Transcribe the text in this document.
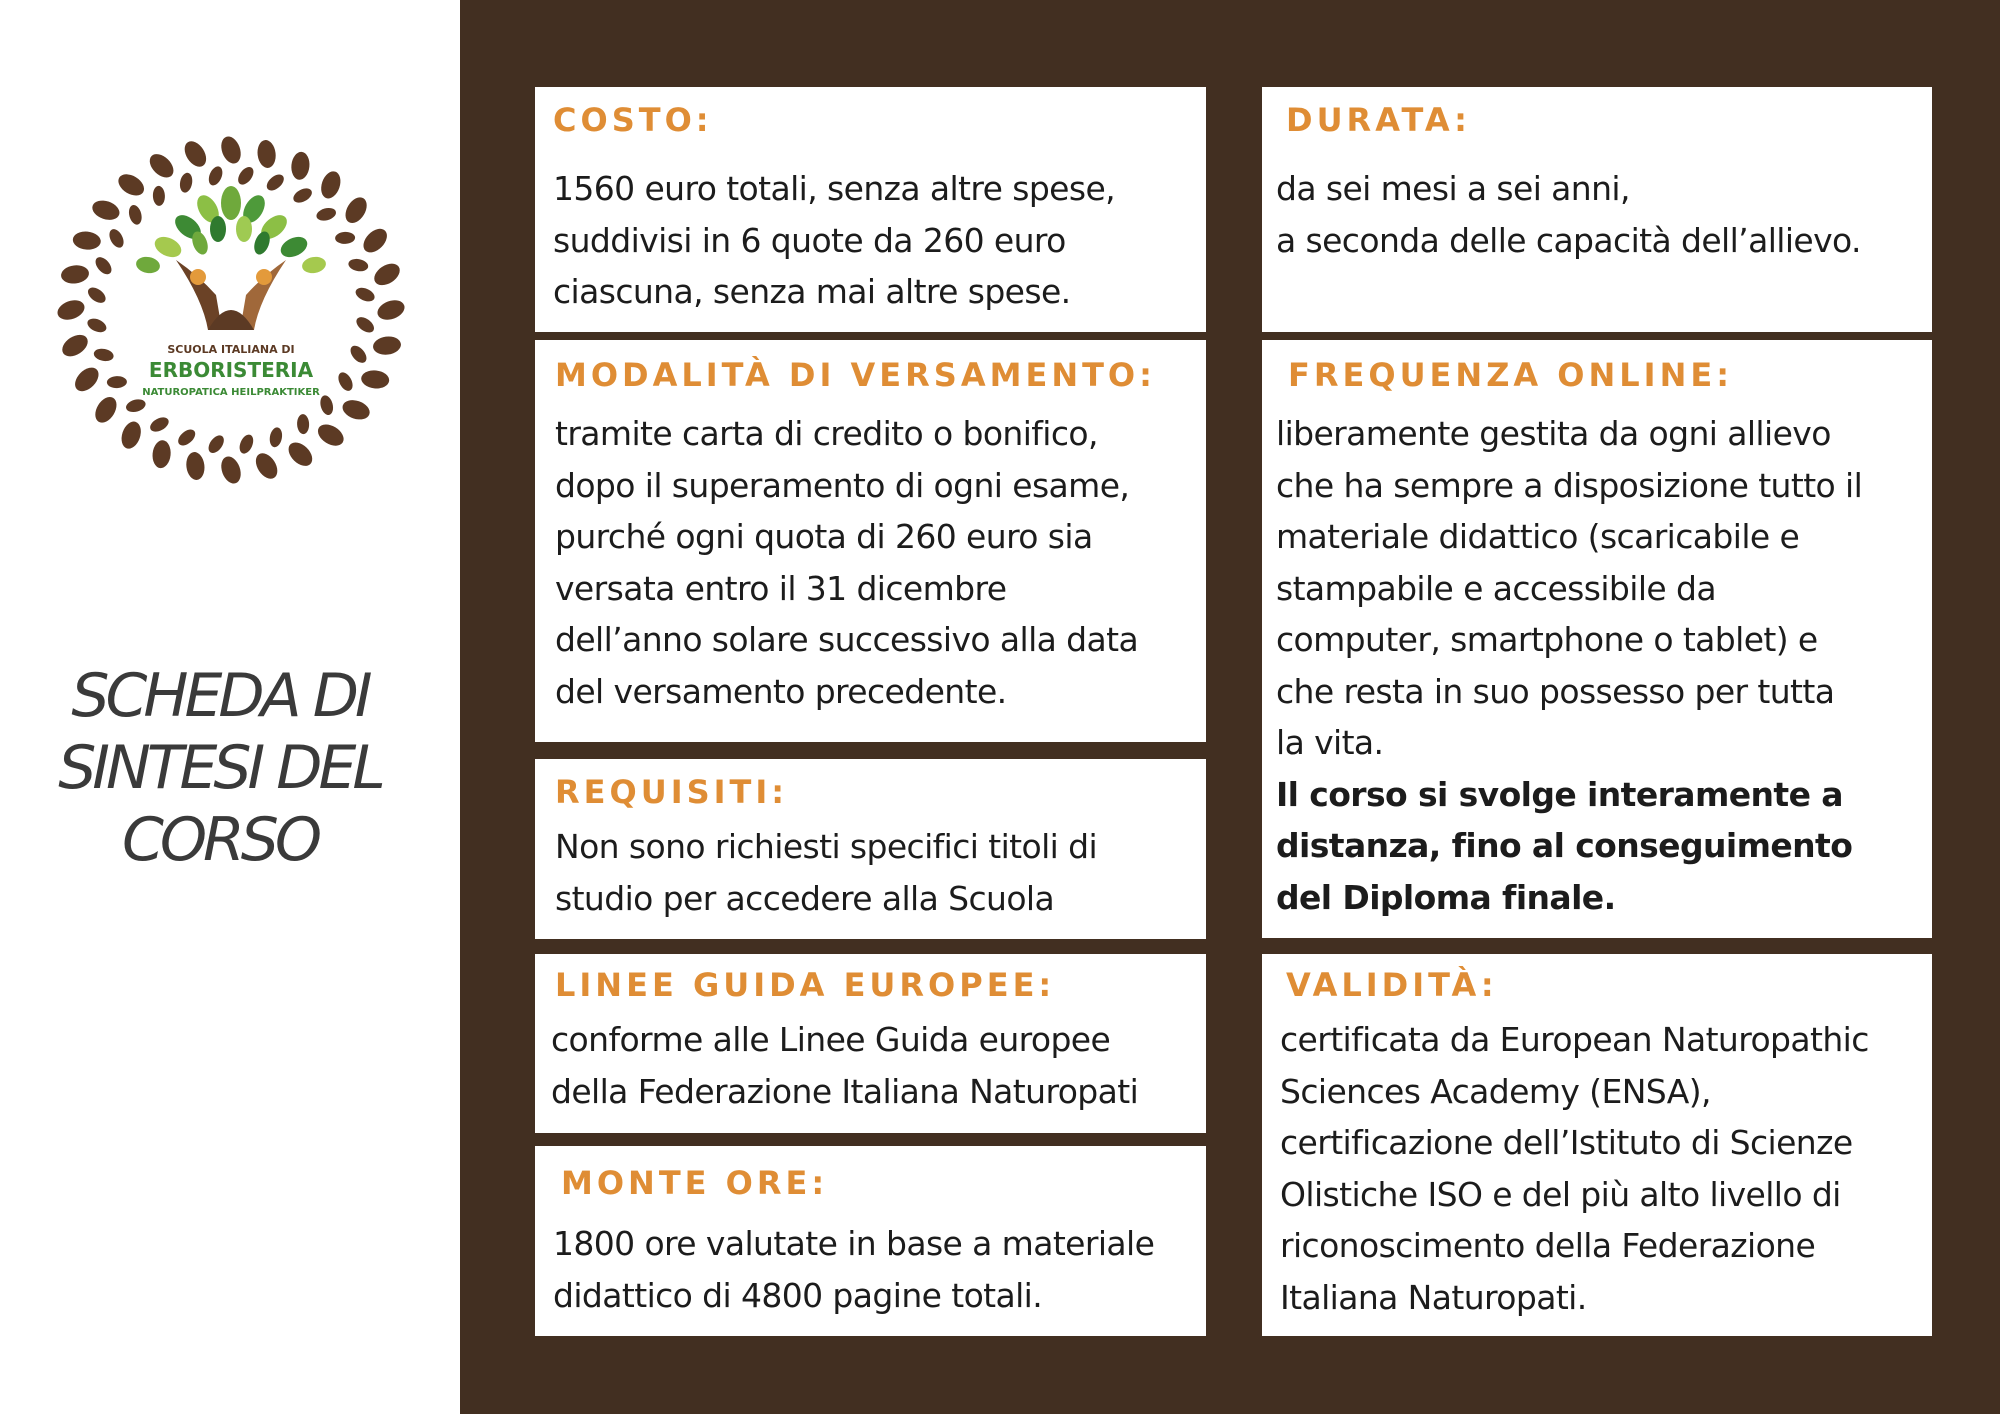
SCUOLA ITALIANA DI
ERBORISTERIA
NATUROPATICA HEILPRAKTIKER
SCHEDA DI
SINTESI DEL
CORSO
COSTO:
1560 euro totali, senza altre spese,
suddivisi in 6 quote da 260 euro
ciascuna, senza mai altre spese.
DURATA:
da sei mesi a sei anni,
a seconda delle capacità dell’allievo.
MODALITÀ DI VERSAMENTO:
tramite carta di credito o bonifico,
dopo il superamento di ogni esame,
purché ogni quota di 260 euro sia
versata entro il 31 dicembre
dell’anno solare successivo alla data
del versamento precedente.
FREQUENZA ONLINE:
liberamente gestita da ogni allievo
che ha sempre a disposizione tutto il
materiale didattico (scaricabile e
stampabile e accessibile da
computer, smartphone o tablet) e
che resta in suo possesso per tutta
la vita.
Il corso si svolge interamente a
distanza, fino al conseguimento
del Diploma finale.
REQUISITI:
Non sono richiesti specifici titoli di
studio per accedere alla Scuola
LINEE GUIDA EUROPEE:
conforme alle Linee Guida europee
della Federazione Italiana Naturopati
VALIDITÀ:
certificata da European Naturopathic
Sciences Academy (ENSA),
certificazione dell’Istituto di Scienze
Olistiche ISO e del più alto livello di
riconoscimento della Federazione
Italiana Naturopati.
MONTE ORE:
1800 ore valutate in base a materiale
didattico di 4800 pagine totali.
